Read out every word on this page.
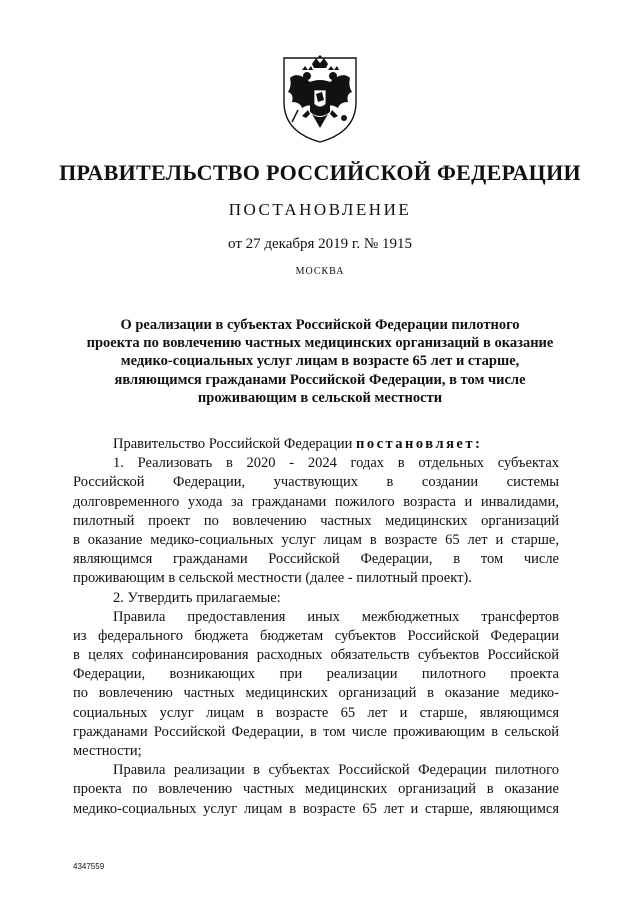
ПРАВИТЕЛЬСТВО РОССИЙСКОЙ ФЕДЕРАЦИИ
ПОСТАНОВЛЕНИЕ
от 27 декабря 2019 г. № 1915
МОСКВА
О реализации в субъектах Российской Федерации пилотного
проекта по вовлечению частных медицинских организаций в оказание
медико-социальных услуг лицам в возрасте 65 лет и старше,
являющимся гражданами Российской Федерации, в том числе
проживающим в сельской местности
Правительство Российской Федерации постановляет:
1. Реализовать в 2020 - 2024 годах в отдельных субъектах
Российской Федерации, участвующих в создании системы
долговременного ухода за гражданами пожилого возраста и инвалидами,
пилотный проект по вовлечению частных медицинских организаций
в оказание медико-социальных услуг лицам в возрасте 65 лет и старше,
являющимся гражданами Российской Федерации, в том числе
проживающим в сельской местности (далее - пилотный проект).
2. Утвердить прилагаемые:
Правила предоставления иных межбюджетных трансфертов
из федерального бюджета бюджетам субъектов Российской Федерации
в целях софинансирования расходных обязательств субъектов Российской
Федерации, возникающих при реализации пилотного проекта
по вовлечению частных медицинских организаций в оказание медико-
социальных услуг лицам в возрасте 65 лет и старше, являющимся
гражданами Российской Федерации, в том числе проживающим в сельской
местности;
Правила реализации в субъектах Российской Федерации пилотного
проекта по вовлечению частных медицинских организаций в оказание
медико-социальных услуг лицам в возрасте 65 лет и старше, являющимся
4347559
